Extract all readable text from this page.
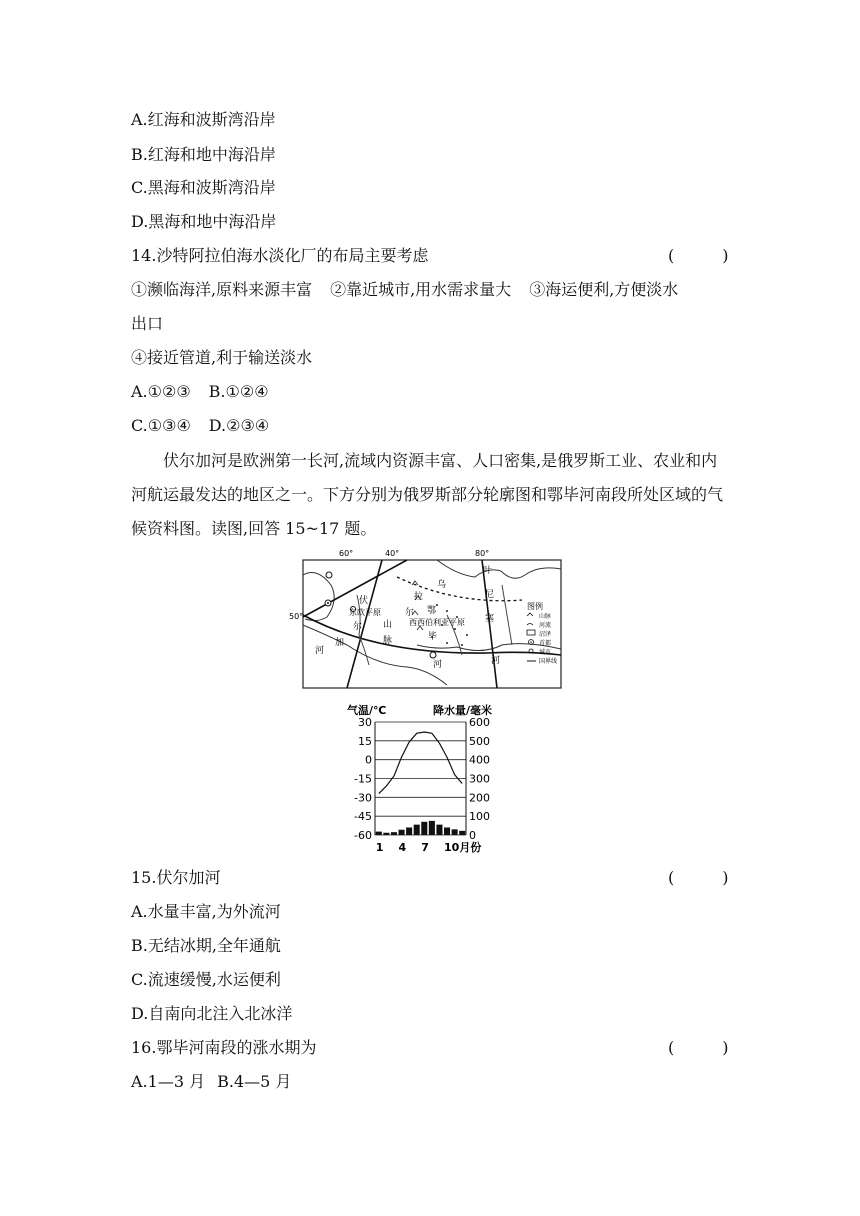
A.红海和波斯湾沿岸
B.红海和地中海沿岸
C.黑海和波斯湾沿岸
D.黑海和地中海沿岸
14.沙特阿拉伯海水淡化厂的布局主要考虑	(　　　)
①濒临海洋,原料来源丰富 ②靠近城市,用水需求量大 ③海运便利,方便淡水
出口
④接近管道,利于输送淡水
A.①②③ B.①②④
C.①③④ D.②③④
伏尔加河是欧洲第一长河,流域内资源丰富、人口密集,是俄罗斯工业、农业和内河航运最发达的地区之一。下方分别为俄罗斯部分轮廓图和鄂毕河南段所处区域的气候资料图。读图,回答 15~17 题。
60°	40°	80°
50°
伏
尔
加
河
东欧平原
乌
拉
尔
山
脉
鄂
毕
西西伯利亚平原
河
叶
尼
塞
河
图例
山脉
河流
沼泽
首都
城市
国界线
气温/℃	降水量/毫米
30
15
0
-15
-30
-45
-60
600
500
400
300
200
100
0
1 4 7 10月份
15.伏尔加河	(　　　)
A.水量丰富,为外流河
B.无结冰期,全年通航
C.流速缓慢,水运便利
D.自南向北注入北冰洋
16.鄂毕河南段的涨水期为	(　　　)
A.1—3 月 B.4—5 月
